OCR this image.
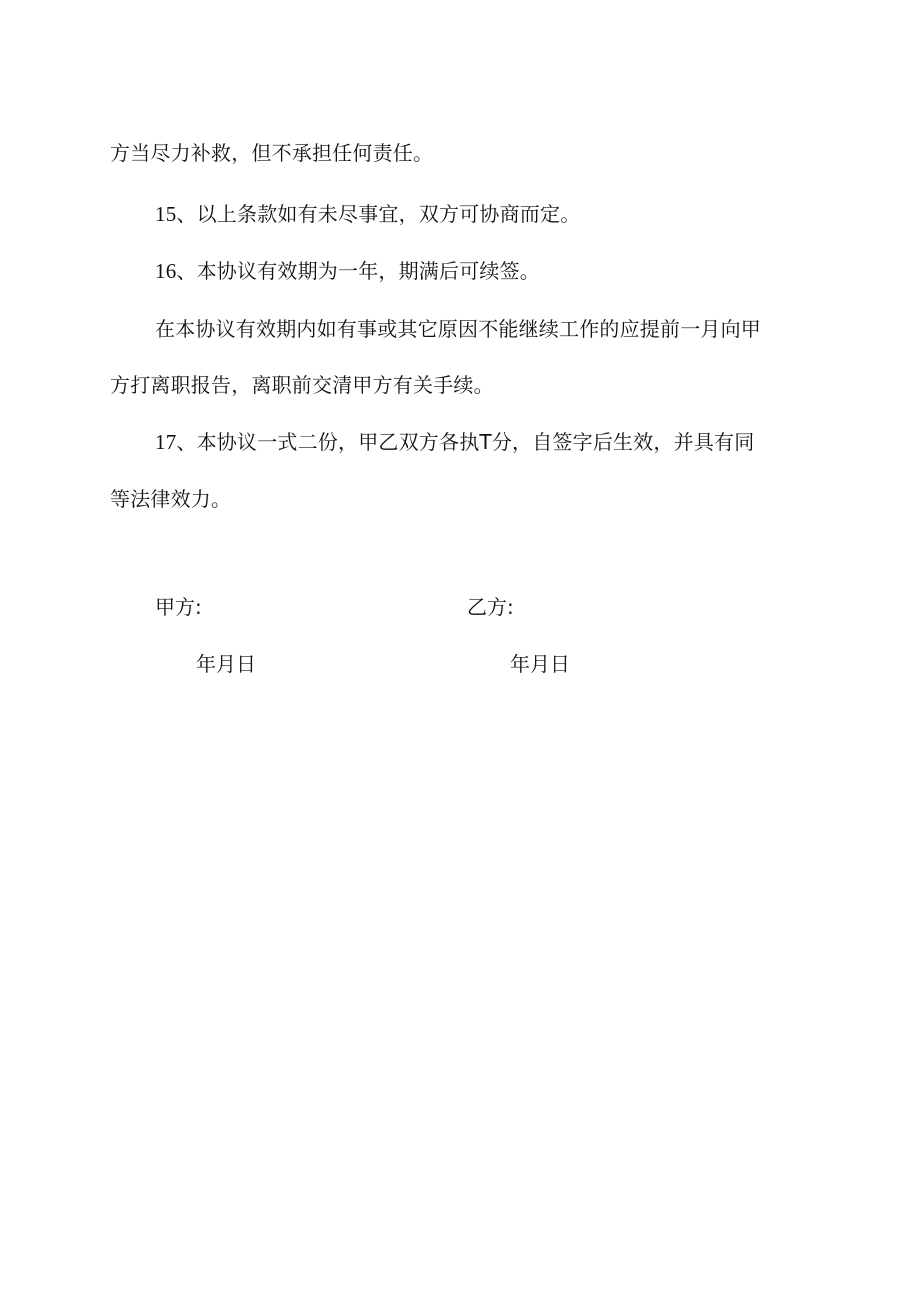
方当尽力补救，但不承担任何责任。
15、以上条款如有未尽事宜，双方可协商而定。
16、本协议有效期为一年，期满后可续签。
在本协议有效期内如有事或其它原因不能继续工作的应提前一月向甲
方打离职报告，离职前交清甲方有关手续。
17、本协议一式二份，甲乙双方各执T分，自签字后生效，并具有同
等法律效力。
甲方:	乙方:
年月日	年月日
